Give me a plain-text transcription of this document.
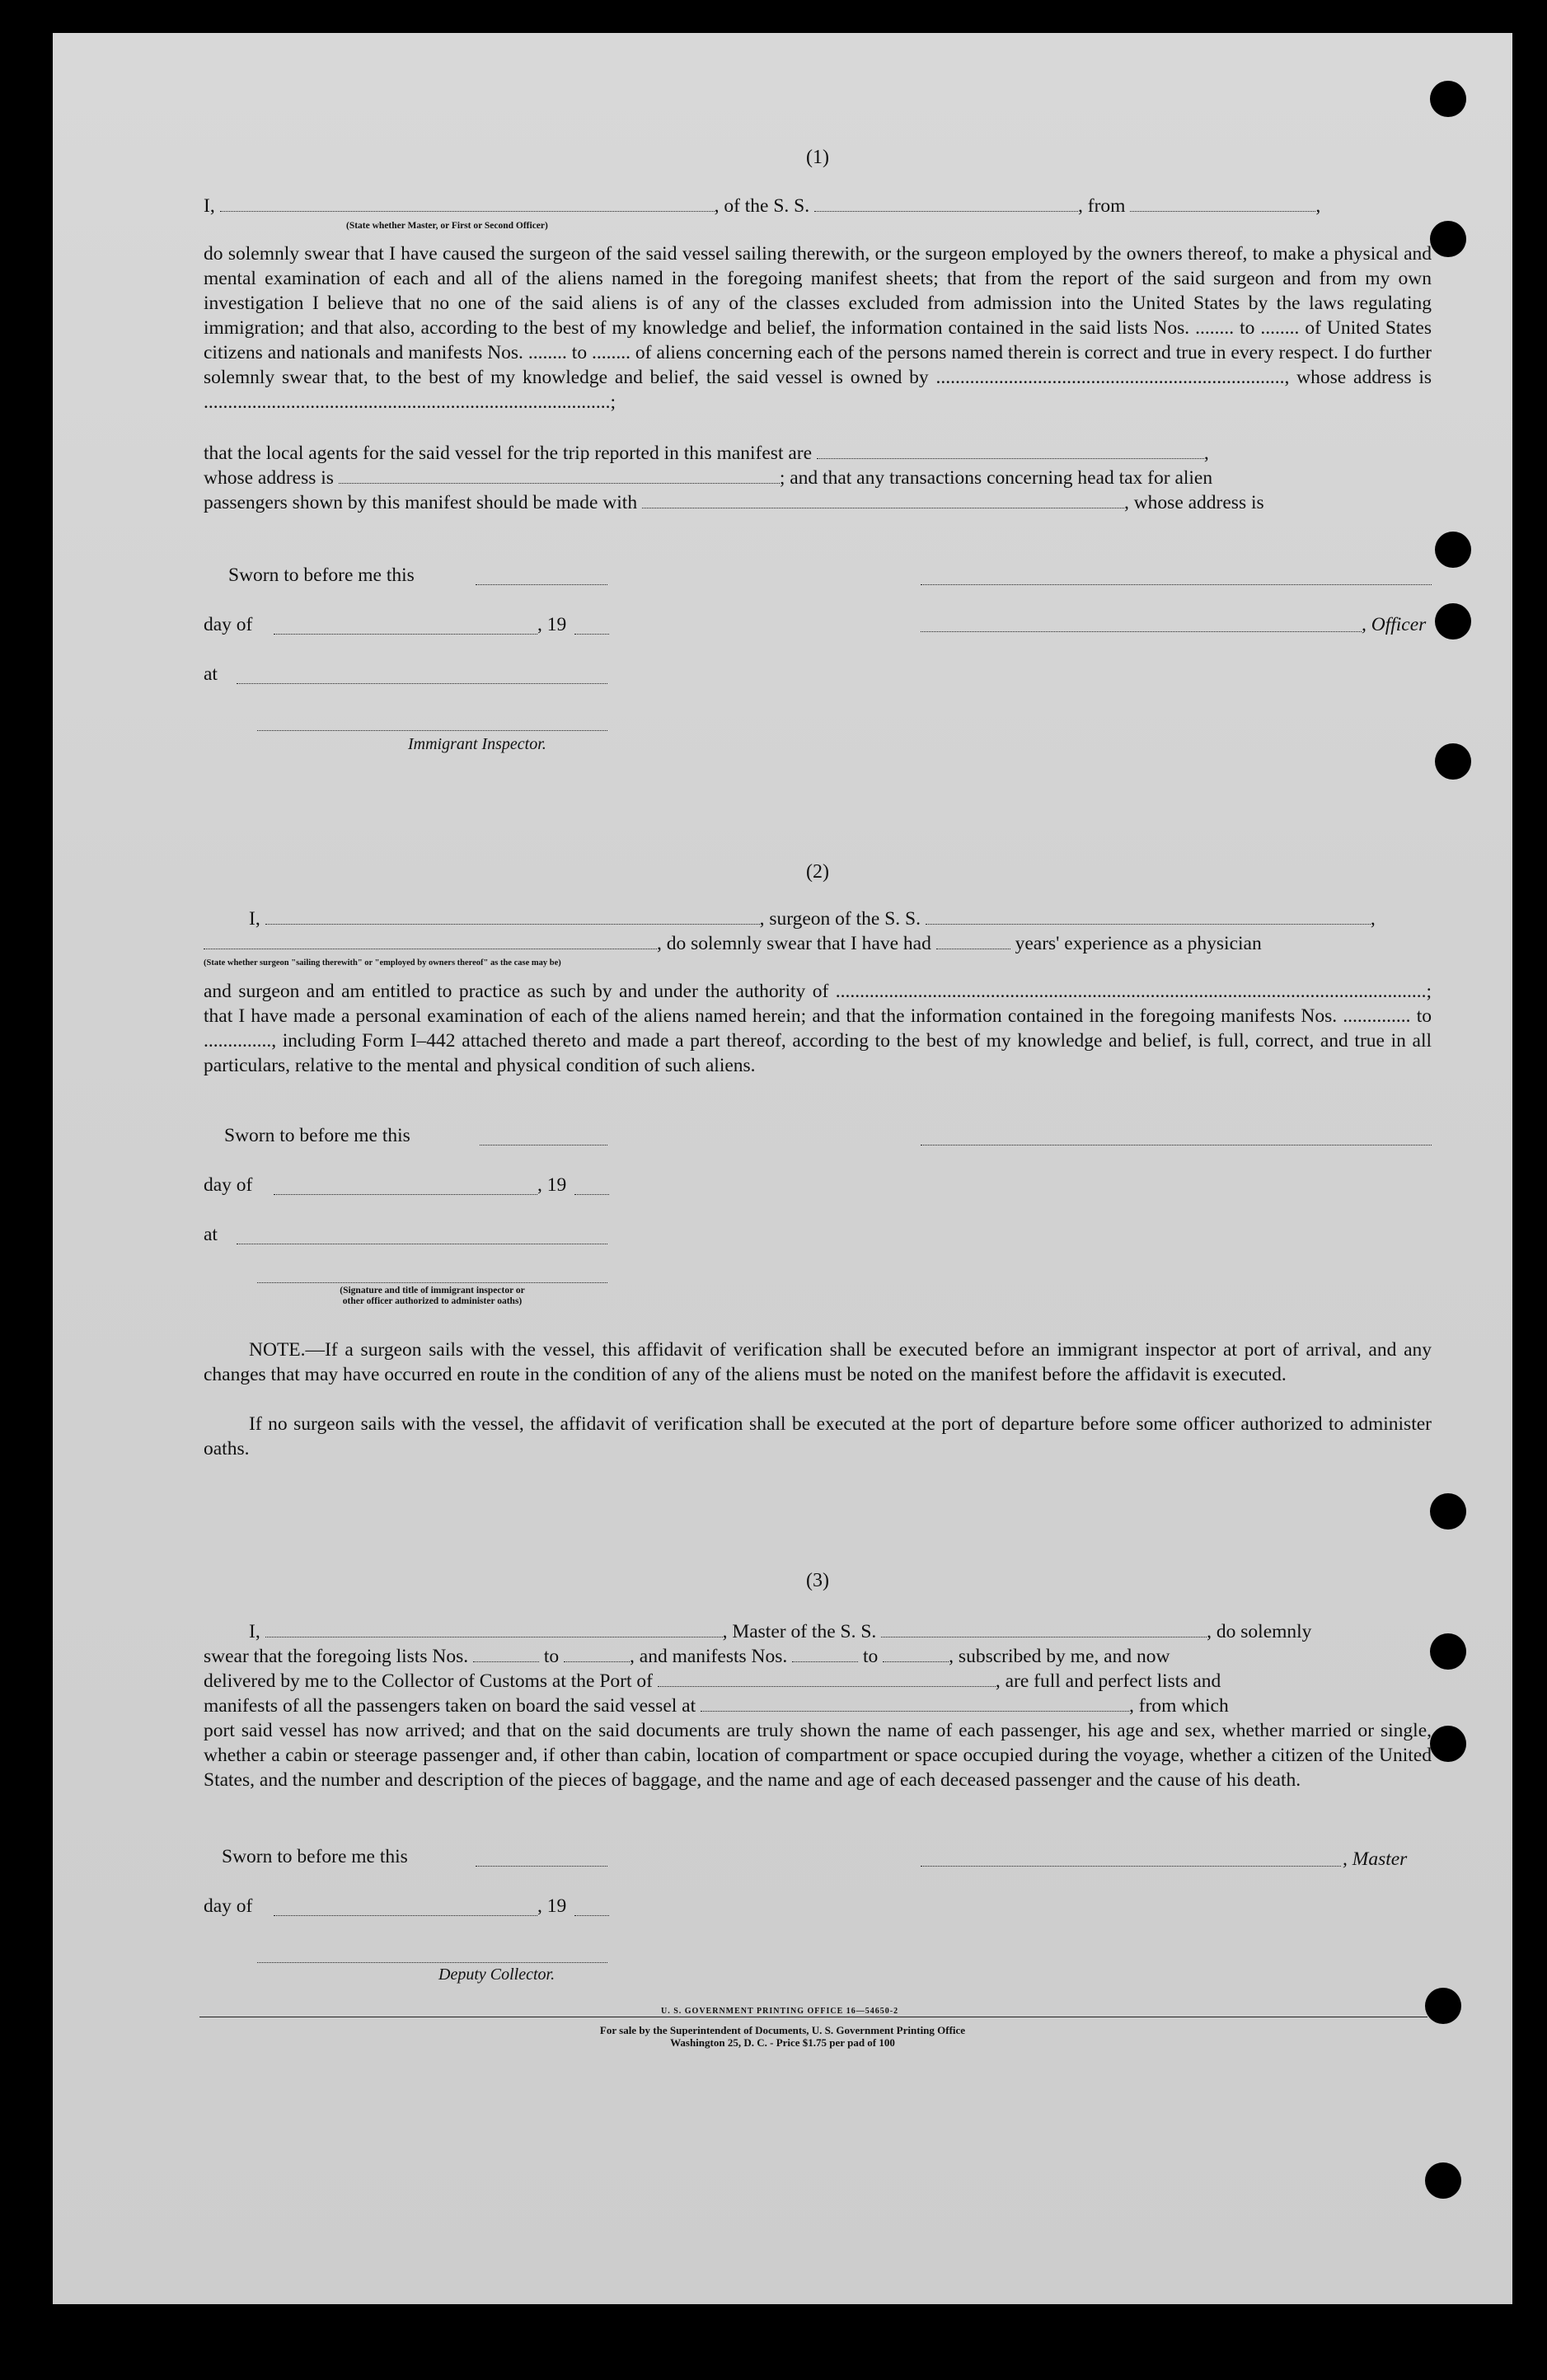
(1)
I,	, of the S. S.	, from	,
(State whether Master, or First or Second Officer)
do solemnly swear that I have caused the surgeon of the said vessel sailing therewith, or the surgeon employed by the owners thereof, to make a physical and mental examination of each and all of the aliens named in the foregoing manifest sheets; that from the report of the said surgeon and from my own investigation I believe that no one of the said aliens is of any of the classes excluded from admission into the United States by the laws regulating immigration; and that also, according to the best of my knowledge and belief, the information contained in the said lists Nos. ........ to ........ of United States citizens and nationals and manifests Nos. ........ to ........ of aliens concerning each of the persons named therein is correct and true in every respect. I do further solemnly swear that, to the best of my knowledge and belief, the said vessel is owned by ........................................................................, whose address is ....................................................................................;
that the local agents for the said vessel for the trip reported in this manifest are	,
whose address is	; and that any transactions concerning head tax for alien
passengers shown by this manifest should be made with	, whose address is
Sworn to before me this
day of	, 19	, Officer
at
Immigrant Inspector.
(2)
I,	, surgeon of the S. S.	,
, do solemnly swear that I have had	years' experience as a physician
(State whether surgeon "sailing therewith" or "employed by owners thereof" as the case may be)
and surgeon and am entitled to practice as such by and under the authority of ..........................................................................................................................; that I have made a personal examination of each of the aliens named herein; and that the information contained in the foregoing manifests Nos. .............. to .............., including Form I–442 attached thereto and made a part thereof, according to the best of my knowledge and belief, is full, correct, and true in all particulars, relative to the mental and physical condition of such aliens.
Sworn to before me this
day of	, 19
at
(Signature and title of immigrant inspector or
other officer authorized to administer oaths)
NOTE.—If a surgeon sails with the vessel, this affidavit of verification shall be executed before an immigrant inspector at port of arrival, and any changes that may have occurred en route in the condition of any of the aliens must be noted on the manifest before the affidavit is executed.
If no surgeon sails with the vessel, the affidavit of verification shall be executed at the port of departure before some officer authorized to administer oaths.
(3)
I,	, Master of the S. S.	, do solemnly
swear that the foregoing lists Nos.	to	, and manifests Nos.	to	, subscribed by me, and now
delivered by me to the Collector of Customs at the Port of	, are full and perfect lists and
manifests of all the passengers taken on board the said vessel at	, from which
port said vessel has now arrived; and that on the said documents are truly shown the name of each passenger, his age and sex, whether married or single, whether a cabin or steerage passenger and, if other than cabin, location of compartment or space occupied during the voyage, whether a citizen of the United States, and the number and description of the pieces of baggage, and the name and age of each deceased passenger and the cause of his death.
Sworn to before me this	, Master
day of	, 19
Deputy Collector.
U. S. GOVERNMENT PRINTING OFFICE 16—54650-2
For sale by the Superintendent of Documents, U. S. Government Printing Office
Washington 25, D. C. - Price $1.75 per pad of 100
